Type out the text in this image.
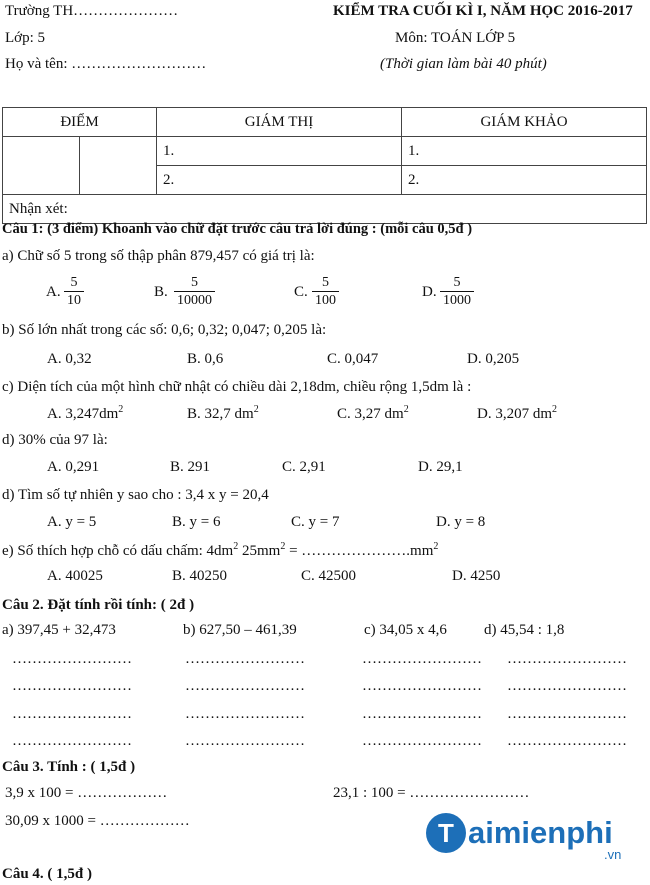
Trường TH…………………	KIỂM TRA CUỐI KÌ I, NĂM HỌC 2016-2017
Lớp: 5	Môn: TOÁN LỚP 5
Họ và tên: ………………………	(Thời gian làm bài 40 phút)
ĐIỂM		GIÁM THỊ	GIÁM KHẢO
		1.	1.
		2.	2.
Nhận xét:			
Câu 1: (3 điểm) Khoanh vào chữ đặt trước câu trả lời đúng : (mỗi câu 0,5đ )
a) Chữ số 5 trong số thập phân 879,457 có giá trị là:
A. $\frac{5}{10}$	B. $\frac{5}{10000}$	C. $\frac{5}{100}$	D. $\frac{5}{1000}$
b) Số lớn nhất trong các số: 0,6; 0,32; 0,047; 0,205 là:
A. 0,32	B. 0,6	C. 0,047	D. 0,205
c) Diện tích của một hình chữ nhật có chiều dài 2,18dm, chiều rộng 1,5dm là :
A. $3,247dm^2$	B. 32,7 $dm^2$	C. 3,27 $dm^2$	D. 3,207 $dm^2$
d) 30% của 97 là:
A. 0,291	B. 291	C. 2,91	D. 29,1
d) Tìm số tự nhiên y sao cho : 3,4 x y = 20,4
A. y = 5	B. y = 6	C. y = 7	D. y = 8
e) Số thích hợp chỗ có dấu chấm: $4dm^2$ $25mm^2$ = $\dots\dots\dots\dots\dots\dots\dots.mm^2$
A. 40025	B. 40250	C. 42500	D. 4250
Câu 2. Đặt tính rồi tính: ( 2đ )
a) 397,45 + 32,473	b) 627,50 – 461,39	c) 34,05 x 4,6 d) 45,54 : 1,8
……………………	……………………	…………………… ……………………
……………………	……………………	…………………… ……………………
……………………	……………………	…………………… ……………………
……………………	……………………	…………………… ……………………
Câu 3. Tính : ( 1,5đ )
3,9 x 100 = ………………	23,1 : 100 = ……………………
30,09 x 1000 = ………………
Câu 4. ( 1,5đ )
T aimienphi
.vn
